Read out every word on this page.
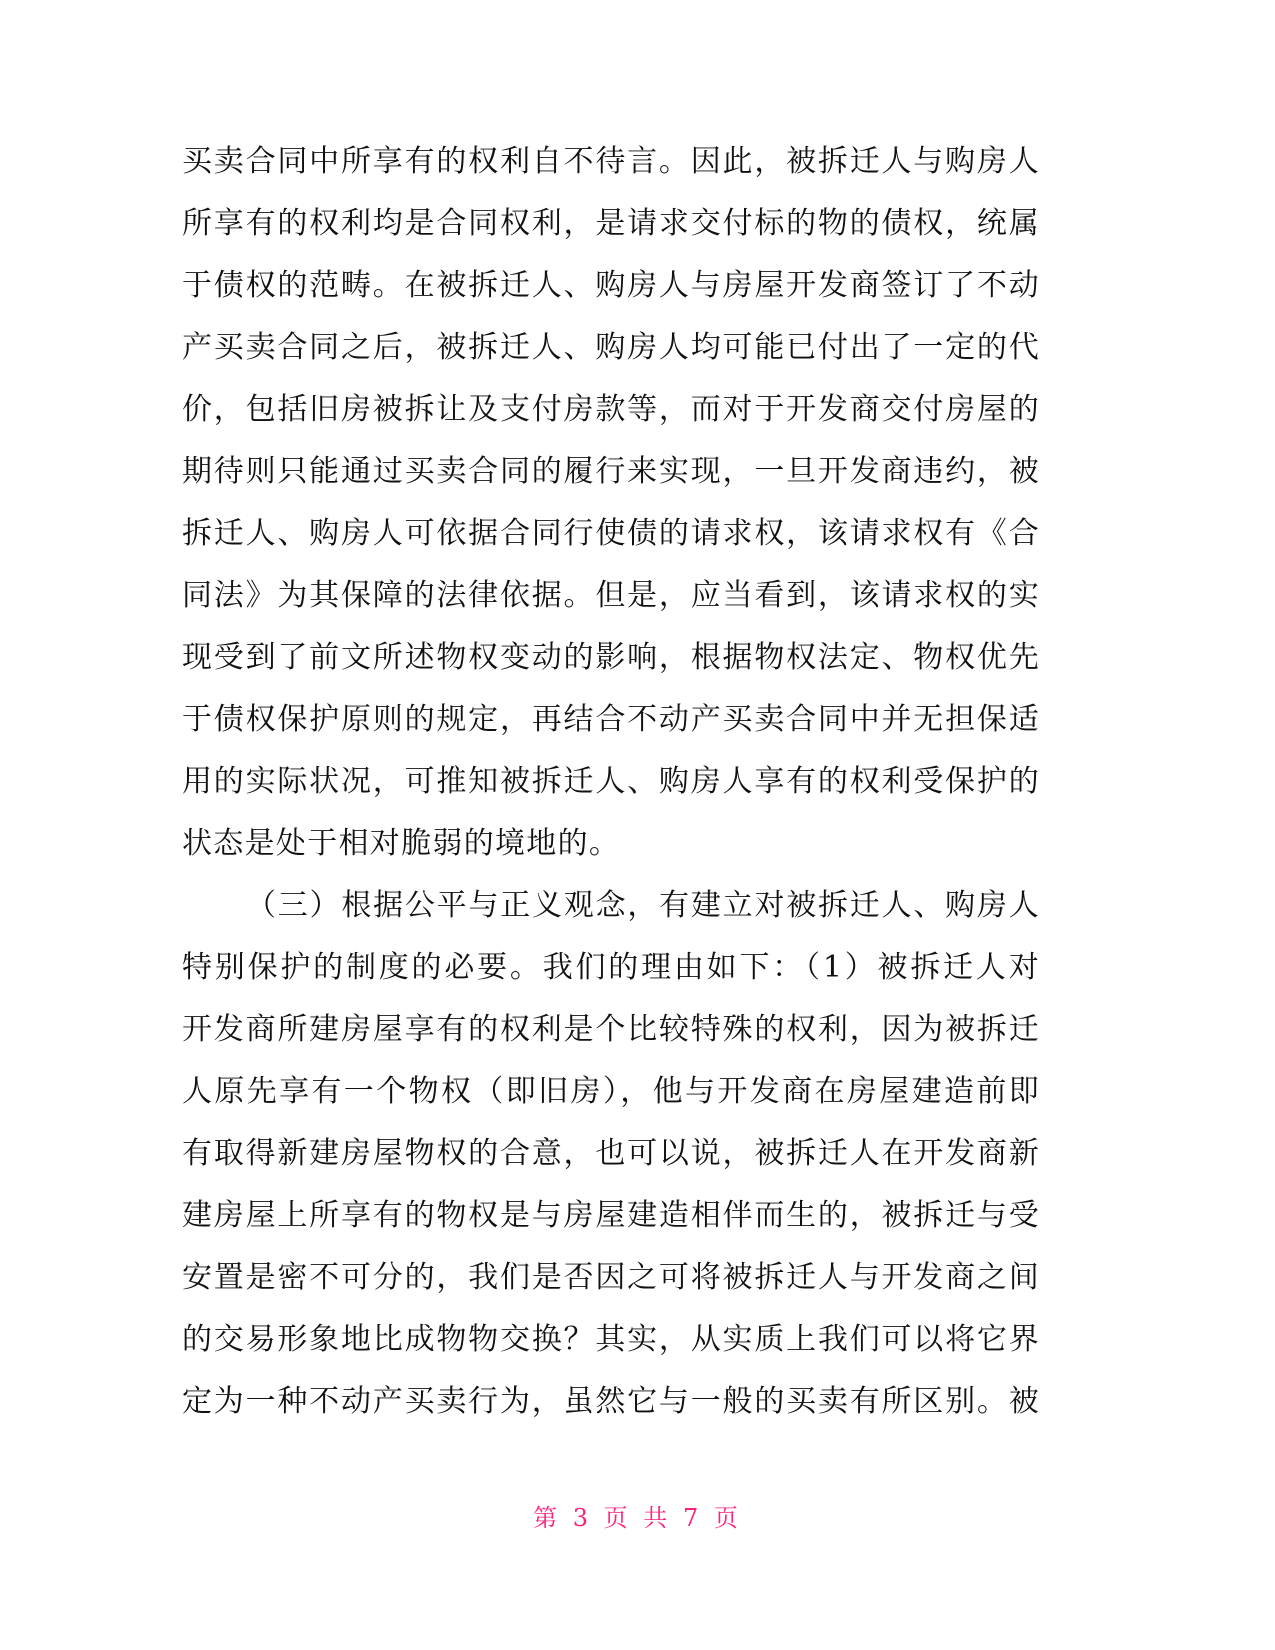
买卖合同中所享有的权利自不待言。因此，被拆迁人与购房人
所享有的权利均是合同权利，是请求交付标的物的债权，统属
于债权的范畴。在被拆迁人、购房人与房屋开发商签订了不动
产买卖合同之后，被拆迁人、购房人均可能已付出了一定的代
价，包括旧房被拆让及支付房款等，而对于开发商交付房屋的
期待则只能通过买卖合同的履行来实现，一旦开发商违约，被
拆迁人、购房人可依据合同行使债的请求权，该请求权有《合
同法》为其保障的法律依据。但是，应当看到，该请求权的实
现受到了前文所述物权变动的影响，根据物权法定、物权优先
于债权保护原则的规定，再结合不动产买卖合同中并无担保适
用的实际状况，可推知被拆迁人、购房人享有的权利受保护的
状态是处于相对脆弱的境地的。
（三）根据公平与正义观念，有建立对被拆迁人、购房人
特别保护的制度的必要。我们的理由如下：（1）被拆迁人对
开发商所建房屋享有的权利是个比较特殊的权利，因为被拆迁
人原先享有一个物权（即旧房），他与开发商在房屋建造前即
有取得新建房屋物权的合意，也可以说，被拆迁人在开发商新
建房屋上所享有的物权是与房屋建造相伴而生的，被拆迁与受
安置是密不可分的，我们是否因之可将被拆迁人与开发商之间
的交易形象地比成物物交换？其实，从实质上我们可以将它界
定为一种不动产买卖行为，虽然它与一般的买卖有所区别。被
第 3 页 共 7 页
